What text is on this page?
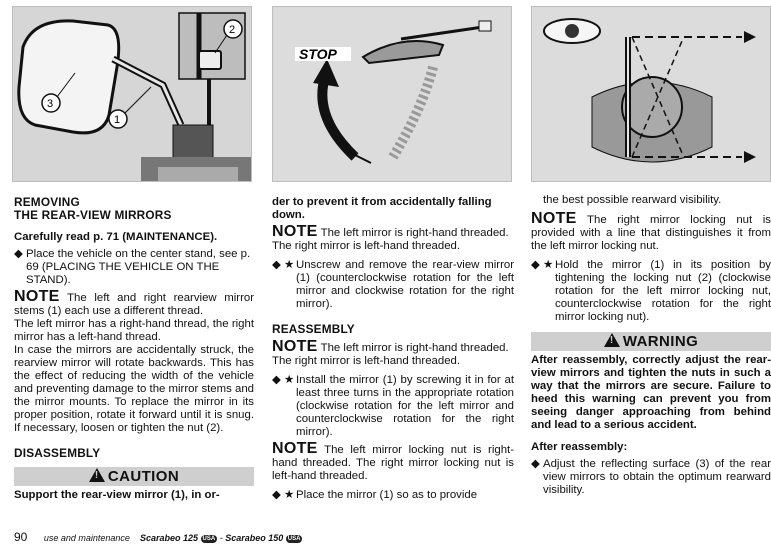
2
1
3
STOP
REMOVING
THE REAR-VIEW MIRRORS

Carefully read p. 71 (MAINTENANCE).

◆ Place the vehicle on the center stand, see p. 69 (PLACING THE VEHICLE ON THE STAND).

NOTE The left and right rearview mirror stems (1) each use a different thread.

The left mirror has a right-hand thread, the right mirror has a left-hand thread.

In case the mirrors are accidentally struck, the rearview mirror will rotate backwards. This has the effect of reducing the width of the vehicle and preventing damage to the mirror stems and the mirror mounts. To replace the mirror in its proper position, rotate it forward until it is snug. If necessary, loosen or tighten the nut (2).

DISASSEMBLY
!CAUTION

Support the rear-view mirror (1), in or-

der to prevent it from accidentally falling down.

NOTE The left mirror is right-hand threaded. The right mirror is left-hand threaded.

◆ ★ Unscrew and remove the rear-view mirror (1) (counterclockwise rotation for the left mirror and clockwise rotation for the right mirror).
REASSEMBLY

NOTE The left mirror is right-hand threaded. The right mirror is left-hand threaded.

◆ ★ Install the mirror (1) by screwing it in for at least three turns in the appropriate rotation (clockwise rotation for the left mirror and counterclockwise rotation for the right mirror).

NOTE The left mirror locking nut is right-hand threaded. The right mirror locking nut is left-hand threaded.

◆ ★ Place the mirror (1) so as to provide

the best possible rearward visibility.

NOTE The right mirror locking nut is provided with a line that distinguishes it from the left mirror locking nut.

◆ ★ Hold the mirror (1) in its position by tightening the locking nut (2) (clockwise rotation for the left mirror locking nut, counterclockwise rotation for the right mirror locking nut).
!WARNING

After reassembly, correctly adjust the rear-view mirrors and tighten the nuts in such a way that the mirrors are secure. Failure to heed this warning can prevent you from seeing danger approaching from behind and lead to a serious accident.

After reassembly:

◆ Adjust the reflecting surface (3) of the rear view mirrors to obtain the optimum rearward visibility.
90 use and maintenance Scarabeo 125 USA - Scarabeo 150 USA
